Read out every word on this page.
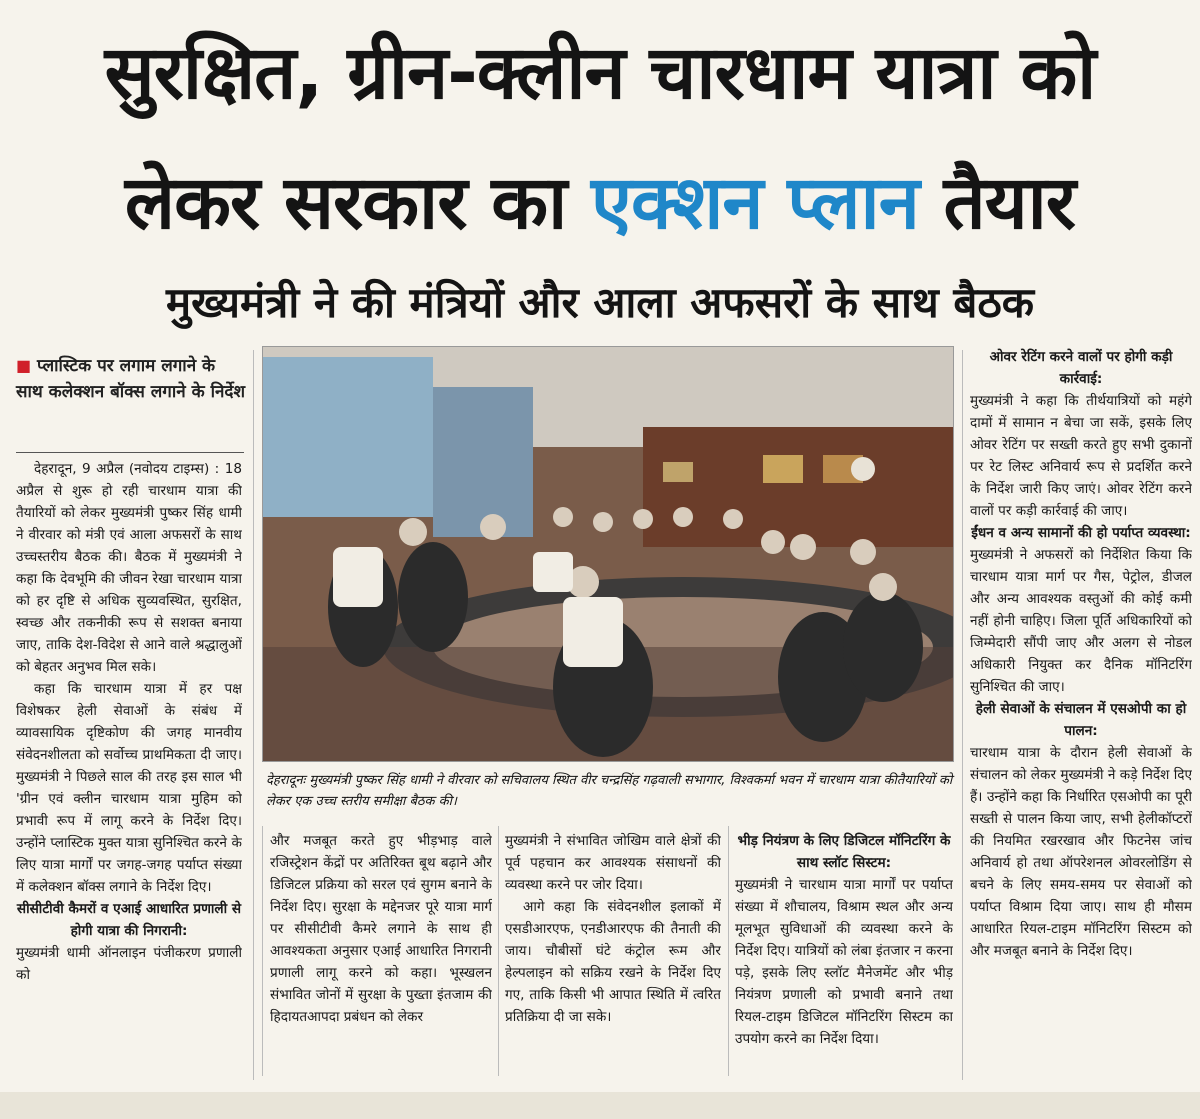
सुरक्षित, ग्रीन-क्लीन चारधाम यात्रा को
लेकर सरकार का एक्शन प्लान तैयार
मुख्यमंत्री ने की मंत्रियों और आला अफसरों के साथ बैठक
■ प्लास्टिक पर लगाम लगाने के साथ कलेक्शन बॉक्स लगाने के निर्देश

देहरादून, 9 अप्रैल (नवोदय टाइम्स) : 18 अप्रैल से शुरू हो रही चारधाम यात्रा की तैयारियों को लेकर मुख्यमंत्री पुष्कर सिंह धामी ने वीरवार को मंत्री एवं आला अफसरों के साथ उच्चस्तरीय बैठक की। बैठक में मुख्यमंत्री ने कहा कि देवभूमि की जीवन रेखा चारधाम यात्रा को हर दृष्टि से अधिक सुव्यवस्थित, सुरक्षित, स्वच्छ और तकनीकी रूप से सशक्त बनाया जाए, ताकि देश-विदेश से आने वाले श्रद्धालुओं को बेहतर अनुभव मिल सके।

कहा कि चारधाम यात्रा में हर पक्ष विशेषकर हेली सेवाओं के संबंध में व्यावसायिक दृष्टिकोण की जगह मानवीय संवेदनशीलता को सर्वोच्च प्राथमिकता दी जाए। मुख्यमंत्री ने पिछले साल की तरह इस साल भी 'ग्रीन एवं क्लीन चारधाम यात्रा मुहिम को प्रभावी रूप में लागू करने के निर्देश दिए। उन्होंने प्लास्टिक मुक्त यात्रा सुनिश्चित करने के लिए यात्रा मार्गों पर जगह-जगह पर्याप्त संख्या में कलेक्शन बॉक्स लगाने के निर्देश दिए।

सीसीटीवी कैमरों व एआई आधारित प्रणाली से होगी यात्रा की निगरानी:

मुख्यमंत्री धामी ऑनलाइन पंजीकरण प्रणाली को

देहरादूनः मुख्यमंत्री पुष्कर सिंह धामी ने वीरवार को सचिवालय स्थित वीर चन्द्रसिंह गढ़वाली सभागार, विश्वकर्मा भवन में चारधाम यात्रा कीतैयारियों को लेकर एक उच्च स्तरीय समीक्षा बैठक की।

और मजबूत करते हुए भीड़भाड़ वाले रजिस्ट्रेशन केंद्रों पर अतिरिक्त बूथ बढ़ाने और डिजिटल प्रक्रिया को सरल एवं सुगम बनाने के निर्देश दिए। सुरक्षा के मद्देनजर पूरे यात्रा मार्ग पर सीसीटीवी कैमरे लगाने के साथ ही आवश्यकता अनुसार एआई आधारित निगरानी प्रणाली लागू करने को कहा। भूस्खलन संभावित जोनों में सुरक्षा के पुख्ता इंतजाम की हिदायतआपदा प्रबंधन को लेकर

मुख्यमंत्री ने संभावित जोखिम वाले क्षेत्रों की पूर्व पहचान कर आवश्यक संसाधनों की व्यवस्था करने पर जोर दिया।

आगे कहा कि संवेदनशील इलाकों में एसडीआरएफ, एनडीआरएफ की तैनाती की जाय। चौबीसों घंटे कंट्रोल रूम और हेल्पलाइन को सक्रिय रखने के निर्देश दिए गए, ताकि किसी भी आपात स्थिति में त्वरित प्रतिक्रिया दी जा सके।

भीड़ नियंत्रण के लिए डिजिटल मॉनिटरिंग के साथ स्लॉट सिस्टम:

मुख्यमंत्री ने चारधाम यात्रा मार्गों पर पर्याप्त संख्या में शौचालय, विश्राम स्थल और अन्य मूलभूत सुविधाओं की व्यवस्था करने के निर्देश दिए। यात्रियों को लंबा इंतजार न करना पड़े, इसके लिए स्लॉट मैनेजमेंट और भीड़ नियंत्रण प्रणाली को प्रभावी बनाने तथा रियल-टाइम डिजिटल मॉनिटरिंग सिस्टम का उपयोग करने का निर्देश दिया।

ओवर रेटिंग करने वालों पर होगी कड़ी कार्रवाई:

मुख्यमंत्री ने कहा कि तीर्थयात्रियों को महंगे दामों में सामान न बेचा जा सकें, इसके लिए ओवर रेटिंग पर सख्ती करते हुए सभी दुकानों पर रेट लिस्ट अनिवार्य रूप से प्रदर्शित करने के निर्देश जारी किए जाएं। ओवर रेटिंग करने वालों पर कड़ी कार्रवाई की जाए।

ईंधन व अन्य सामानों की हो पर्याप्त व्यवस्था:

मुख्यमंत्री ने अफसरों को निर्देशित किया कि चारधाम यात्रा मार्ग पर गैस, पेट्रोल, डीजल और अन्य आवश्यक वस्तुओं की कोई कमी नहीं होनी चाहिए। जिला पूर्ति अधिकारियों को जिम्मेदारी सौंपी जाए और अलग से नोडल अधिकारी नियुक्त कर दैनिक मॉनिटरिंग सुनिश्चित की जाए।

हेली सेवाओं के संचालन में एसओपी का हो पालन:

चारधाम यात्रा के दौरान हेली सेवाओं के संचालन को लेकर मुख्यमंत्री ने कड़े निर्देश दिए हैं। उन्होंने कहा कि निर्धारित एसओपी का पूरी सख्ती से पालन किया जाए, सभी हेलीकॉप्टरों की नियमित रखरखाव और फिटनेस जांच अनिवार्य हो तथा ऑपरेशनल ओवरलोडिंग से बचने के लिए समय-समय पर सेवाओं को पर्याप्त विश्राम दिया जाए। साथ ही मौसम आधारित रियल-टाइम मॉनिटरिंग सिस्टम को और मजबूत बनाने के निर्देश दिए।
